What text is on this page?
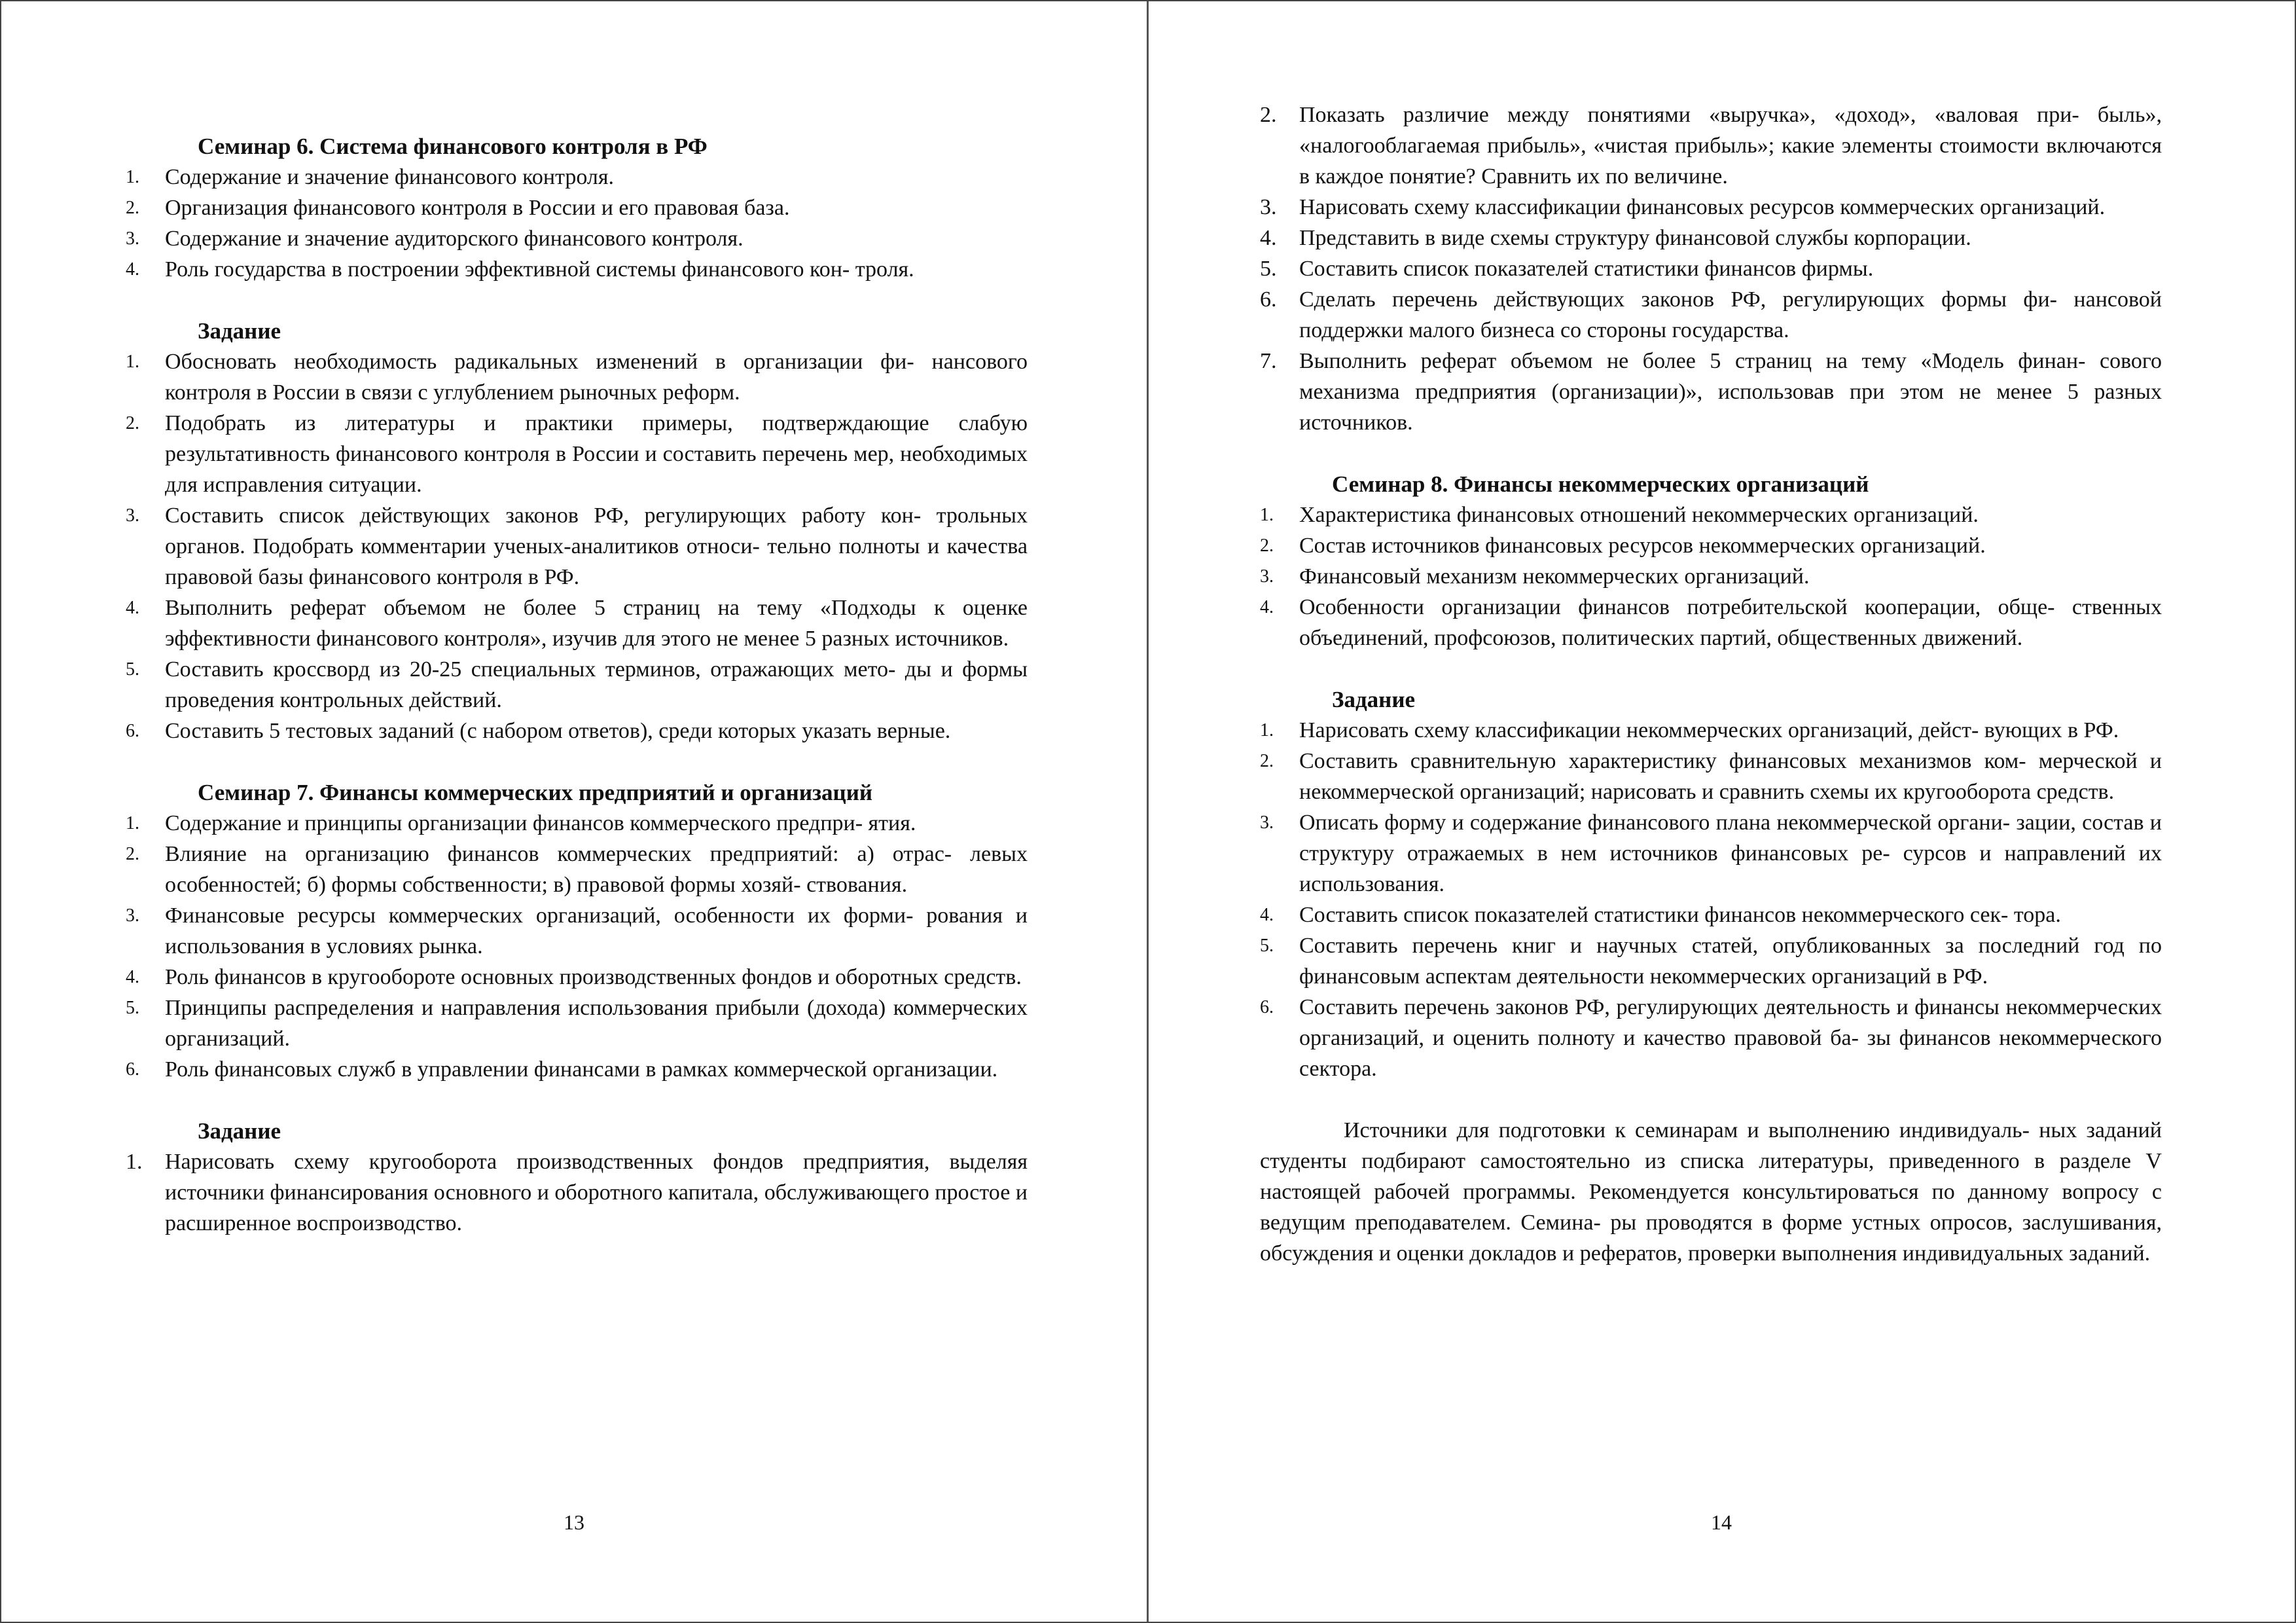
Семинар 6. Система финансового контроля в РФ
1.	Содержание и значение финансового контроля.
2.	Организация финансового контроля в России и его правовая база.
3.	Содержание и значение аудиторского финансового контроля.
4.	Роль государства в построении эффективной системы финансового кон- троля.
Задание
1.	Обосновать необходимость радикальных изменений в организации фи- нансового контроля в России в связи с углублением рыночных реформ.
2.	Подобрать из литературы и практики примеры, подтверждающие слабую результативность финансового контроля в России и составить перечень мер, необходимых для исправления ситуации.
3.	Составить список действующих законов РФ, регулирующих работу кон- трольных органов. Подобрать комментарии ученых-аналитиков относи- тельно полноты и качества правовой базы финансового контроля в РФ.
4.	Выполнить реферат объемом не более 5 страниц на тему «Подходы к оценке эффективности финансового контроля», изучив для этого не менее 5 разных источников.
5.	Составить кроссворд из 20-25 специальных терминов, отражающих мето- ды и формы проведения контрольных действий.
6.	Составить 5 тестовых заданий (с набором ответов), среди которых указать верные.
Семинар 7. Финансы коммерческих предприятий и организаций
1.	Содержание и принципы организации финансов коммерческого предпри- ятия.
2.	Влияние на организацию финансов коммерческих предприятий: а) отрас- левых особенностей; б) формы собственности; в) правовой формы хозяй- ствования.
3.	Финансовые ресурсы коммерческих организаций, особенности их форми- рования и использования в условиях рынка.
4.	Роль финансов в кругообороте основных производственных фондов и оборотных средств.
5.	Принципы распределения и направления использования прибыли (дохода) коммерческих организаций.
6.	Роль финансовых служб в управлении финансами в рамках коммерческой организации.
Задание
1.	Нарисовать схему кругооборота производственных фондов предприятия, выделяя источники финансирования основного и оборотного капитала, обслуживающего простое и расширенное воспроизводство.
13
2.	Показать различие между понятиями «выручка», «доход», «валовая при- быль», «налогооблагаемая прибыль», «чистая прибыль»; какие элементы стоимости включаются в каждое понятие? Сравнить их по величине.
3.	Нарисовать схему классификации финансовых ресурсов коммерческих организаций.
4.	Представить в виде схемы структуру финансовой службы корпорации.
5.	Составить список показателей статистики финансов фирмы.
6.	Сделать перечень действующих законов РФ, регулирующих формы фи- нансовой поддержки малого бизнеса со стороны государства.
7.	Выполнить реферат объемом не более 5 страниц на тему «Модель финан- сового механизма предприятия (организации)», использовав при этом не менее 5 разных источников.
Семинар 8. Финансы некоммерческих организаций
1.	Характеристика финансовых отношений некоммерческих организаций.
2.	Состав источников финансовых ресурсов некоммерческих организаций.
3.	Финансовый механизм некоммерческих организаций.
4.	Особенности организации финансов потребительской кооперации, обще- ственных объединений, профсоюзов, политических партий, общественных движений.
Задание
1.	Нарисовать схему классификации некоммерческих организаций, дейст- вующих в РФ.
2.	Составить сравнительную характеристику финансовых механизмов ком- мерческой и некоммерческой организаций; нарисовать и сравнить схемы их кругооборота средств.
3.	Описать форму и содержание финансового плана некоммерческой органи- зации, состав и структуру отражаемых в нем источников финансовых ре- сурсов и направлений их использования.
4.	Составить список показателей статистики финансов некоммерческого сек- тора.
5.	Составить перечень книг и научных статей, опубликованных за последний год по финансовым аспектам деятельности некоммерческих организаций в РФ.
6.	Составить перечень законов РФ, регулирующих деятельность и финансы некоммерческих организаций, и оценить полноту и качество правовой ба- зы финансов некоммерческого сектора.

Источники для подготовки к семинарам и выполнению индивидуаль- ных заданий студенты подбирают самостоятельно из списка литературы, приведенного в разделе V настоящей рабочей программы. Рекомендуется консультироваться по данному вопросу с ведущим преподавателем. Семина- ры проводятся в форме устных опросов, заслушивания, обсуждения и оценки докладов и рефератов, проверки выполнения индивидуальных заданий.

14
